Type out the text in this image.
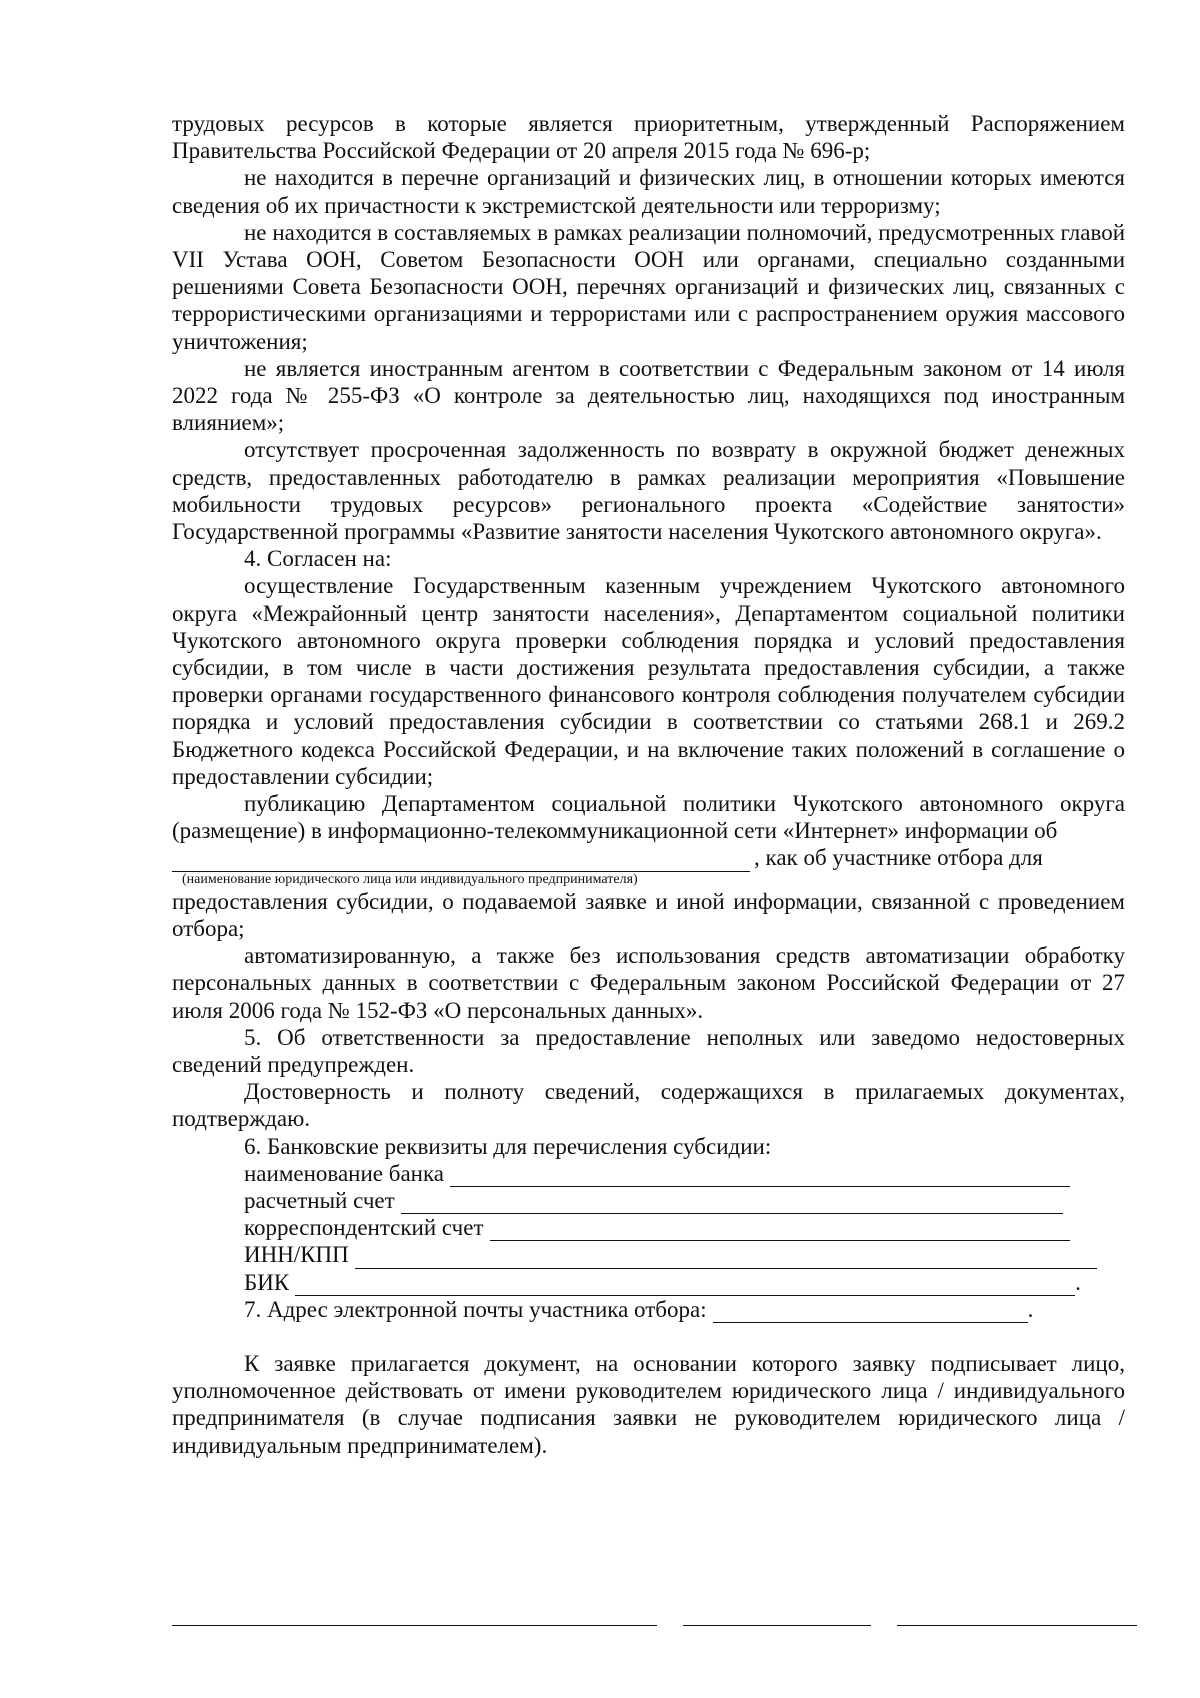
трудовых ресурсов в которые является приоритетным, утвержденный Распоряжением Правительства Российской Федерации от 20 апреля 2015 года № 696-р;

не находится в перечне организаций и физических лиц, в отношении которых имеются сведения об их причастности к экстремистской деятельности или терроризму;

не находится в составляемых в рамках реализации полномочий, предусмотренных главой VII Устава ООН, Советом Безопасности ООН или органами, специально созданными решениями Совета Безопасности ООН, перечнях организаций и физических лиц, связанных с террористическими организациями и террористами или с распространением оружия массового уничтожения;

не является иностранным агентом в соответствии с Федеральным законом от 14 июля 2022 года № 255-ФЗ «О контроле за деятельностью лиц, находящихся под иностранным влиянием»;

отсутствует просроченная задолженность по возврату в окружной бюджет денежных средств, предоставленных работодателю в рамках реализации мероприятия «Повышение мобильности трудовых ресурсов» регионального проекта «Содействие занятости» Государственной программы «Развитие занятости населения Чукотского автономного округа».

4. Согласен на:

осуществление Государственным казенным учреждением Чукотского автономного округа «Межрайонный центр занятости населения», Департаментом социальной политики Чукотского автономного округа проверки соблюдения порядка и условий предоставления субсидии, в том числе в части достижения результата предоставления субсидии, а также проверки органами государственного финансового контроля соблюдения получателем субсидии порядка и условий предоставления субсидии в соответствии со статьями 268.1 и 269.2 Бюджетного кодекса Российской Федерации, и на включение таких положений в соглашение о предоставлении субсидии;

публикацию Департаментом социальной политики Чукотского автономного округа (размещение) в информационно-телекоммуникационной сети «Интернет» информации об

, как об участнике отбора для
(наименование юридического лица или индивидуального предпринимателя)

предоставления субсидии, о подаваемой заявке и иной информации, связанной с проведением отбора;

автоматизированную, а также без использования средств автоматизации обработку персональных данных в соответствии с Федеральным законом Российской Федерации от 27 июля 2006 года № 152-ФЗ «О персональных данных».

5. Об ответственности за предоставление неполных или заведомо недостоверных сведений предупрежден.

Достоверность и полноту сведений, содержащихся в прилагаемых документах, подтверждаю.

6. Банковские реквизиты для перечисления субсидии:

наименование банка
расчетный счет
корреспондентский счет
ИНН/КПП
БИК	.
7. Адрес электронной почты участника отбора:	.

К заявке прилагается документ, на основании которого заявку подписывает лицо, уполномоченное действовать от имени руководителем юридического лица / индивидуального предпринимателя (в случае подписания заявки не руководителем юридического лица / индивидуальным предпринимателем).
